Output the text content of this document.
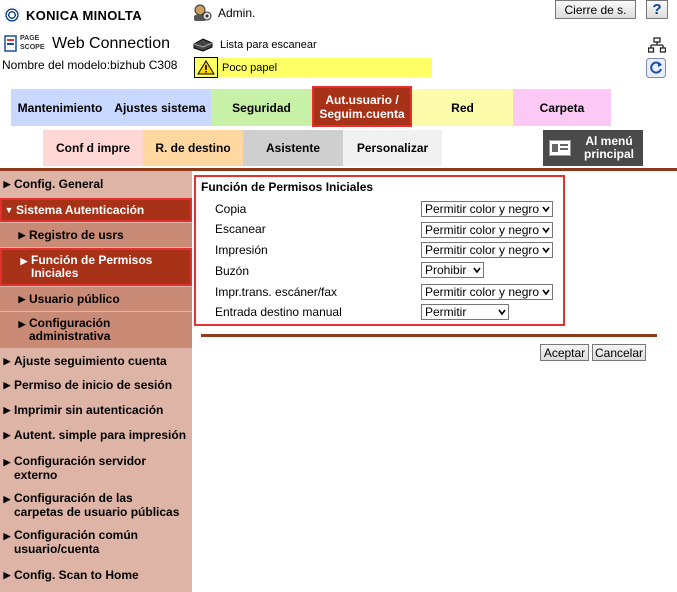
KONICA MINOLTA
PAGE
SCOPE Web Connection
Nombre del modelo:bizhub C308
Admin.
Lista para escanear
Poco papel
Cierre de s.	?
Mantenimiento Ajustes sistema	Seguridad
Aut.usuario / Seguim.cuenta	Red	Carpeta
Conf d impre	R. de destino	Asistente	Personalizar	Al menú principal
▶ Config. General
▼ Sistema Autenticación
▶ Registro de usrs
▶ Función de Permisos Iniciales
▶ Usuario público
▶ Configuración administrativa
▶ Ajuste seguimiento cuenta
▶ Permiso de inicio de sesión
▶ Imprimir sin autenticación
▶ Autent. simple para impresión
▶ Configuración servidor externo
▶ Configuración de las carpetas de usuario públicas
▶ Configuración común usuario/cuenta
▶ Config. Scan to Home
Función de Permisos Iniciales
Copia	Permitir color y negro
Escanear	Permitir color y negro
Impresión	Permitir color y negro
Buzón	Prohibir
Impr.trans. escáner/fax	Permitir color y negro
Entrada destino manual	Permitir
Aceptar Cancelar
